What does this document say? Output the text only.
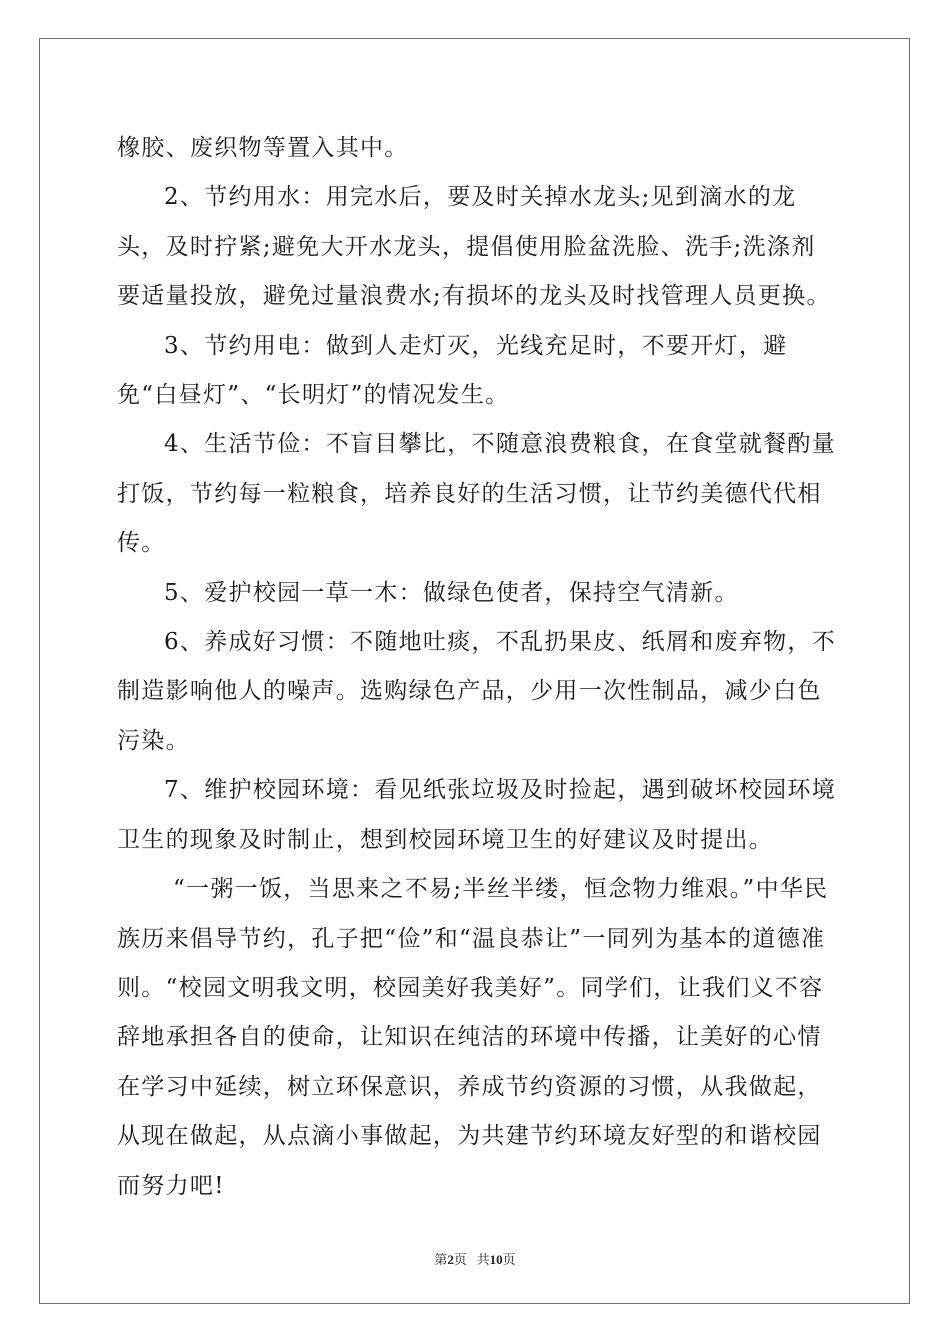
橡胶、废织物等置入其中。

2、节约用水：用完水后，要及时关掉水龙头;见到滴水的龙头，及时拧紧;避免大开水龙头，提倡使用脸盆洗脸、洗手;洗涤剂要适量投放，避免过量浪费水;有损坏的龙头及时找管理人员更换。

3、节约用电：做到人走灯灭，光线充足时，不要开灯，避免“白昼灯”、“长明灯”的情况发生。

4、生活节俭：不盲目攀比，不随意浪费粮食，在食堂就餐酌量打饭，节约每一粒粮食，培养良好的生活习惯，让节约美德代代相传。

5、爱护校园一草一木：做绿色使者，保持空气清新。

6、养成好习惯：不随地吐痰，不乱扔果皮、纸屑和废弃物，不制造影响他人的噪声。选购绿色产品，少用一次性制品，减少白色污染。

7、维护校园环境：看见纸张垃圾及时捡起，遇到破坏校园环境卫生的现象及时制止，想到校园环境卫生的好建议及时提出。

“一粥一饭，当思来之不易;半丝半缕，恒念物力维艰。”中华民族历来倡导节约，孔子把“俭”和“温良恭让”一同列为基本的道德准则。“校园文明我文明，校园美好我美好”。同学们，让我们义不容辞地承担各自的使命，让知识在纯洁的环境中传播，让美好的心情在学习中延续，树立环保意识，养成节约资源的习惯，从我做起，从现在做起，从点滴小事做起，为共建节约环境友好型的和谐校园而努力吧!

第2页 共10页
